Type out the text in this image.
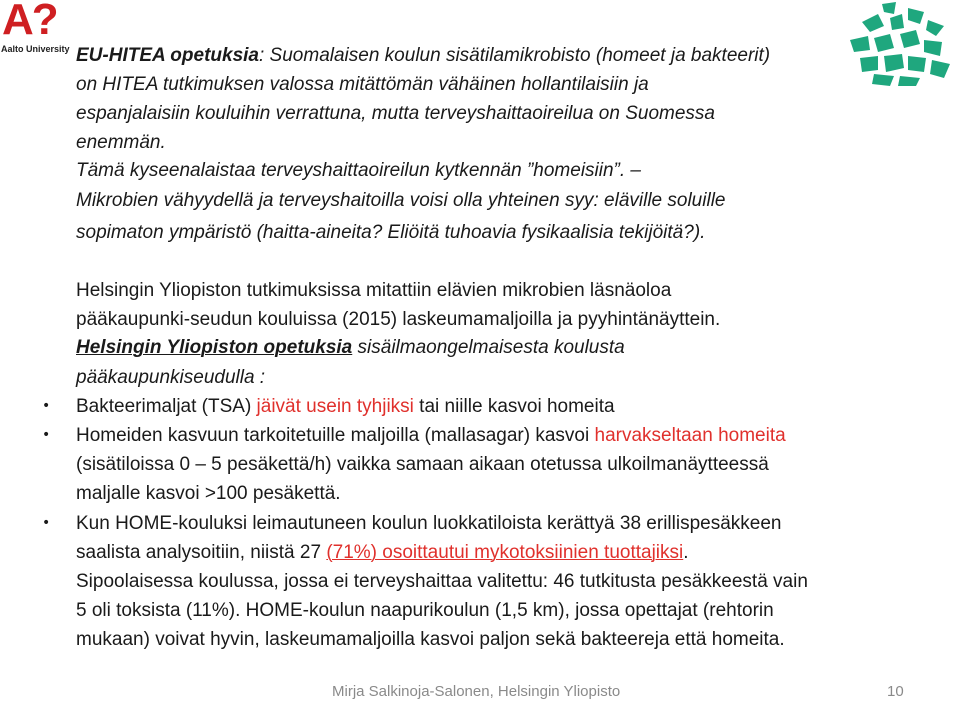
A?
Aalto University EU-HITEA opetuksia: Suomalaisen koulun sisätilamikrobisto (homeet ja bakteerit)
on HITEA tutkimuksen valossa mitättömän vähäinen hollantilaisiin ja
espanjalaisiin kouluihin verrattuna, mutta terveyshaittaoireilua on Suomessa
enemmän.
Tämä kyseenalaistaa terveyshaittaoireilun kytkennän ”homeisiin”. –
Mikrobien vähyydellä ja terveyshaitoilla voisi olla yhteinen syy: eläville soluille
sopimaton ympäristö (haitta-aineita? Eliöitä tuhoavia fysikaalisia tekijöitä?).
Helsingin Yliopiston tutkimuksissa mitattiin elävien mikrobien läsnäoloa
pääkaupunki-seudun kouluissa (2015) laskeumamaljoilla ja pyyhintänäyttein.
Helsingin Yliopiston opetuksia sisäilmaongelmaisesta koulusta
pääkaupunkiseudulla :
• Bakteerimaljat (TSA) jäivät usein tyhjiksi tai niille kasvoi homeita
• Homeiden kasvuun tarkoitetuille maljoilla (mallasagar) kasvoi harvakseltaan homeita
(sisätiloissa 0 – 5 pesäkettä/h) vaikka samaan aikaan otetussa ulkoilmanäytteessä
maljalle kasvoi >100 pesäkettä.
• Kun HOME-kouluksi leimautuneen koulun luokkatiloista kerättyä 38 erillispesäkkeen
saalista analysoitiin, niistä 27 (71%) osoittautui mykotoksiinien tuottajiksi.
Sipoolaisessa koulussa, jossa ei terveyshaittaa valitettu: 46 tutkitusta pesäkkeestä vain
5 oli toksista (11%). HOME-koulun naapurikoulun (1,5 km), jossa opettajat (rehtorin
mukaan) voivat hyvin, laskeumamaljoilla kasvoi paljon sekä bakteereja että homeita.
Mirja Salkinoja-Salonen, Helsingin Yliopisto	10
